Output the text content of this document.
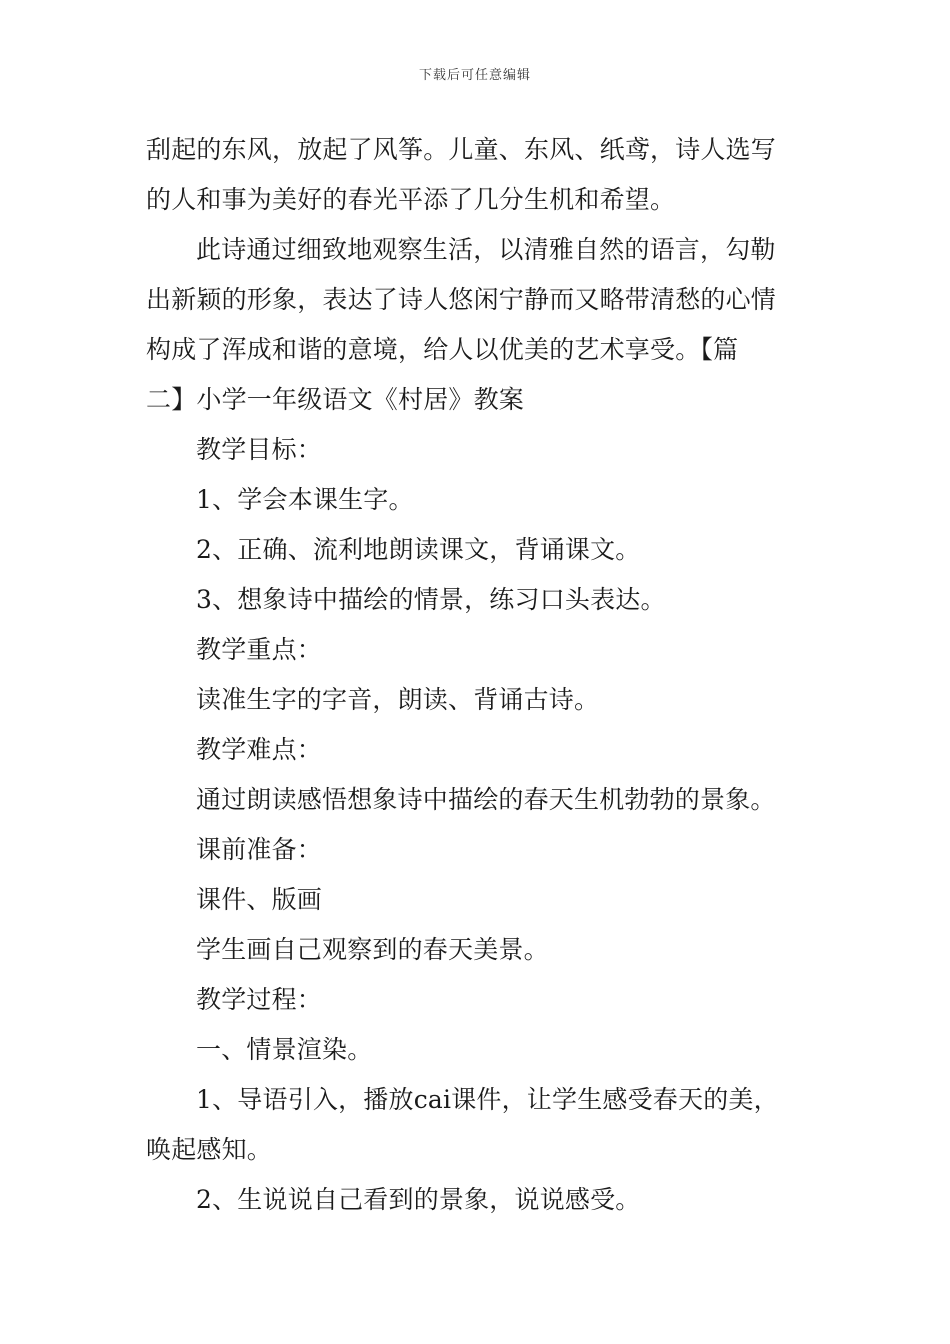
下载后可任意编辑
刮起的东风，放起了风筝。儿童、东风、纸鸢，诗人选写
的人和事为美好的春光平添了几分生机和希望。
此诗通过细致地观察生活，以清雅自然的语言，勾勒
出新颖的形象，表达了诗人悠闲宁静而又略带清愁的心情
构成了浑成和谐的意境，给人以优美的艺术享受。【篇
二】小学一年级语文《村居》教案
教学目标：
1、学会本课生字。
2、正确、流利地朗读课文，背诵课文。
3、想象诗中描绘的情景，练习口头表达。
教学重点：
读准生字的字音，朗读、背诵古诗。
教学难点：
通过朗读感悟想象诗中描绘的春天生机勃勃的景象。
课前准备：
课件、版画
学生画自己观察到的春天美景。
教学过程：
一、情景渲染。
1、导语引入，播放cai课件，让学生感受春天的美，
唤起感知。
2、生说说自己看到的景象，说说感受。
